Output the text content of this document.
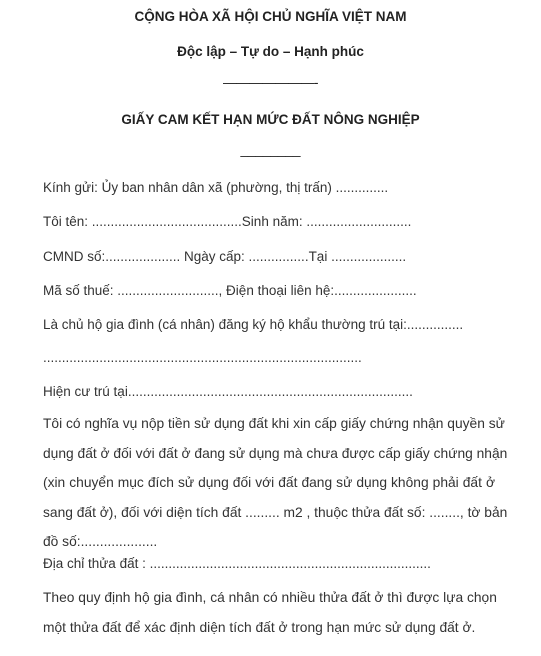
CỘNG HÒA XÃ HỘI CHỦ NGHĨA VIỆT NAM
Độc lập – Tự do – Hạnh phúc
———————-
GIẤY CAM KẾT HẠN MỨC ĐẤT NÔNG NGHIỆP
________
Kính gửi: Ủy ban nhân dân xã (phường, thị trấn) ..............
Tôi tên: ........................................Sinh năm: ............................
CMND số:.................... Ngày cấp: ................Tại ....................
Mã số thuế: ..........................., Điện thoại liên hệ:......................
Là chủ hộ gia đình (cá nhân) đăng ký hộ khẩu thường trú tại:...............
.....................................................................................
Hiện cư trú tại............................................................................
Tôi có nghĩa vụ nộp tiền sử dụng đất khi xin cấp giấy chứng nhận quyền sử
dụng đất ở đối với đất ở đang sử dụng mà chưa được cấp giấy chứng nhận
(xin chuyển mục đích sử dụng đối với đất đang sử dụng không phải đất ở
sang đất ở), đối với diện tích đất ......... m2 , thuộc thửa đất số: ........, tờ bản
đồ số:....................
Địa chỉ thửa đất : ...........................................................................
Theo quy định hộ gia đình, cá nhân có nhiều thửa đất ở thì được lựa chọn
một thửa đất để xác định diện tích đất ở trong hạn mức sử dụng đất ở.
